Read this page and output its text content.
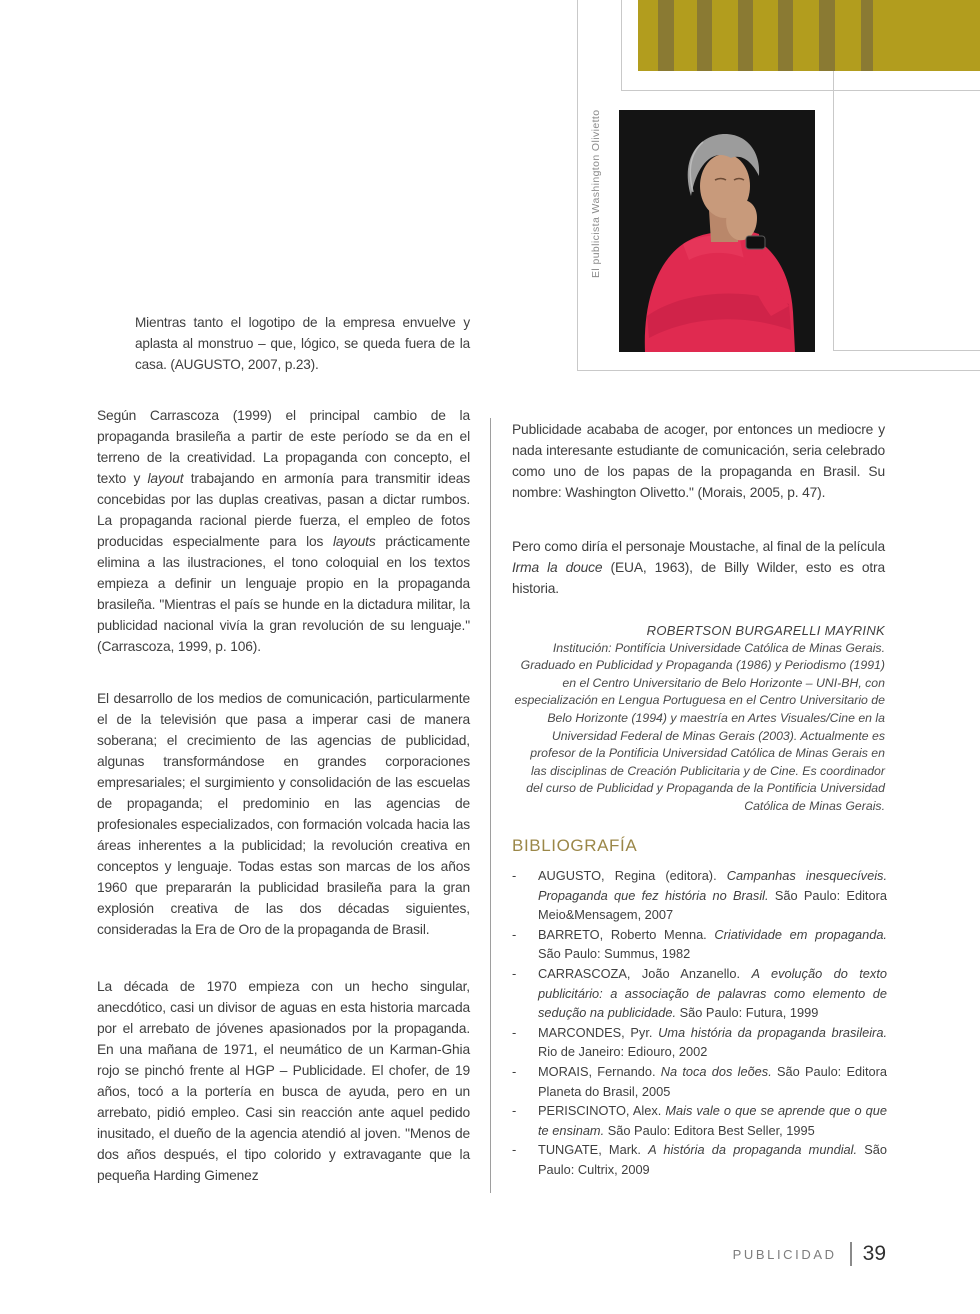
El publicista Washington Olivietto
Mientras tanto el logotipo de la empresa envuelve y aplasta al monstruo – que, lógico, se queda fuera de la casa. (AUGUSTO, 2007, p.23).
Según Carrascoza (1999) el principal cambio de la propaganda brasileña a partir de este período se da en el terreno de la creatividad. La propaganda con concepto, el texto y layout trabajando en armonía para transmitir ideas concebidas por las duplas creativas, pasan a dictar rumbos. La propaganda racional pierde fuerza, el empleo de fotos producidas especialmente para los layouts prácticamente elimina a las ilustraciones, el tono coloquial en los textos empieza a definir un lenguaje propio en la propaganda brasileña. "Mientras el país se hunde en la dictadura militar, la publicidad nacional vivía la gran revolución de su lenguaje." (Carrascoza, 1999, p. 106).
El desarrollo de los medios de comunicación, particularmente el de la televisión que pasa a imperar casi de manera soberana; el crecimiento de las agencias de publicidad, algunas transformándose en grandes corporaciones empresariales; el surgimiento y consolidación de las escuelas de propaganda; el predominio en las agencias de profesionales especializados, con formación volcada hacia las áreas inherentes a la publicidad; la revolución creativa en conceptos y lenguaje. Todas estas son marcas de los años 1960 que prepararán la publicidad brasileña para la gran explosión creativa de las dos décadas siguientes, consideradas la Era de Oro de la propaganda de Brasil.
La década de 1970 empieza con un hecho singular, anecdótico, casi un divisor de aguas en esta historia marcada por el arrebato de jóvenes apasionados por la propaganda. En una mañana de 1971, el neumático de un Karman-Ghia rojo se pinchó frente al HGP – Publicidade. El chofer, de 19 años, tocó a la portería en busca de ayuda, pero en un arrebato, pidió empleo. Casi sin reacción ante aquel pedido inusitado, el dueño de la agencia atendió al joven. "Menos de dos años después, el tipo colorido y extravagante que la pequeña Harding Gimenez
Publicidade acababa de acoger, por entonces un mediocre y nada interesante estudiante de comunicación, seria celebrado como uno de los papas de la propaganda en Brasil. Su nombre: Washington Olivetto." (Morais, 2005, p. 47).
Pero como diría el personaje Moustache, al final de la película Irma la douce (EUA, 1963), de Billy Wilder, esto es otra historia.
ROBERTSON BURGARELLI MAYRINK
Institución: Pontifícia Universidade Católica de Minas Gerais. Graduado en Publicidad y Propaganda (1986) y Periodismo (1991) en el Centro Universitario de Belo Horizonte – UNI-BH, con especialización en Lengua Portuguesa en el Centro Universitario de Belo Horizonte (1994) y maestría en Artes Visuales/Cine en la Universidad Federal de Minas Gerais (2003). Actualmente es profesor de la Pontificia Universidad Católica de Minas Gerais en las disciplinas de Creación Publicitaria y de Cine. Es coordinador del curso de Publicidad y Propaganda de la Pontificia Universidad Católica de Minas Gerais.
BIBLIOGRAFÍA
-	AUGUSTO, Regina (editora). Campanhas inesquecíveis. Propaganda que fez história no Brasil. São Paulo: Editora Meio&Mensagem, 2007
-	BARRETO, Roberto Menna. Criatividade em propaganda. São Paulo: Summus, 1982
-	CARRASCOZA, João Anzanello. A evolução do texto publicitário: a associação de palavras como elemento de sedução na publicidade. São Paulo: Futura, 1999
-	MARCONDES, Pyr. Uma história da propaganda brasileira. Rio de Janeiro: Ediouro, 2002
-	MORAIS, Fernando. Na toca dos leões. São Paulo: Editora Planeta do Brasil, 2005
-	PERISCINOTO, Alex. Mais vale o que se aprende que o que te ensinam. São Paulo: Editora Best Seller, 1995
-	TUNGATE, Mark. A história da propaganda mundial. São Paulo: Cultrix, 2009
PUBLICIDAD 39
